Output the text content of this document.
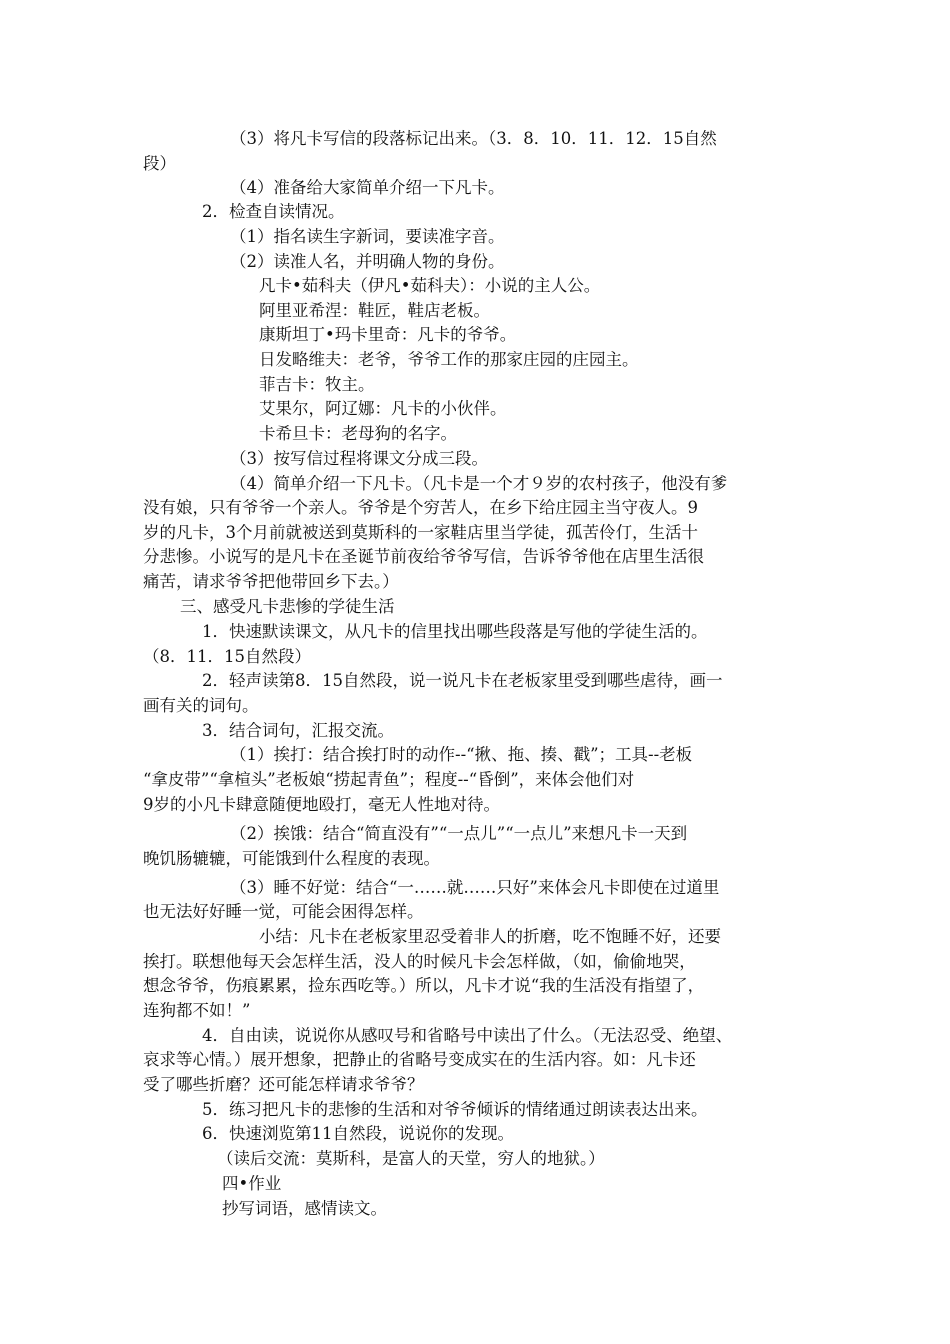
（3）将凡卡写信的段落标记出来。（3．8．10．11．12．15自然
段）
（4）准备给大家简单介绍一下凡卡。
2．检查自读情况。
（1）指名读生字新词，要读准字音。
（2）读准人名，并明确人物的身份。
凡卡•茹科夫（伊凡•茹科夫）：小说的主人公。
阿里亚希涅：鞋匠，鞋店老板。
康斯坦丁•玛卡里奇：凡卡的爷爷。
日发略维夫：老爷，爷爷工作的那家庄园的庄园主。
菲吉卡：牧主。
艾果尔，阿辽娜：凡卡的小伙伴。
卡希旦卡：老母狗的名字。
（3）按写信过程将课文分成三段。
（4）简单介绍一下凡卡。（凡卡是一个才９岁的农村孩子，他没有爹
没有娘，只有爷爷一个亲人。爷爷是个穷苦人，在乡下给庄园主当守夜人。9
岁的凡卡，3个月前就被送到莫斯科的一家鞋店里当学徒，孤苦伶仃，生活十
分悲惨。小说写的是凡卡在圣诞节前夜给爷爷写信，告诉爷爷他在店里生活很
痛苦，请求爷爷把他带回乡下去。）
三、感受凡卡悲惨的学徒生活
1．快速默读课文，从凡卡的信里找出哪些段落是写他的学徒生活的。
（8．11．15自然段）
2．轻声读第8．15自然段，说一说凡卡在老板家里受到哪些虐待，画一
画有关的词句。
3．结合词句，汇报交流。
（1）挨打：结合挨打时的动作--“揪、拖、揍、戳”；工具--老板
“拿皮带”“拿楦头”老板娘“捞起青鱼”；程度--“昏倒”，来体会他们对
9岁的小凡卡肆意随便地殴打，毫无人性地对待。
（2）挨饿：结合“简直没有”“一点儿”“一点儿”来想凡卡一天到
晚饥肠辘辘，可能饿到什么程度的表现。
（3）睡不好觉：结合“一……就……只好”来体会凡卡即使在过道里
也无法好好睡一觉，可能会困得怎样。
小结：凡卡在老板家里忍受着非人的折磨，吃不饱睡不好，还要
挨打。联想他每天会怎样生活，没人的时候凡卡会怎样做，（如，偷偷地哭，
想念爷爷，伤痕累累，捡东西吃等。）所以，凡卡才说“我的生活没有指望了，
连狗都不如！”
4．自由读，说说你从感叹号和省略号中读出了什么。（无法忍受、绝望、
哀求等心情。）展开想象，把静止的省略号变成实在的生活内容。如：凡卡还
受了哪些折磨？还可能怎样请求爷爷？
5．练习把凡卡的悲惨的生活和对爷爷倾诉的情绪通过朗读表达出来。
6．快速浏览第11自然段，说说你的发现。
（读后交流：莫斯科，是富人的天堂，穷人的地狱。）
四•作业
抄写词语，感情读文。
